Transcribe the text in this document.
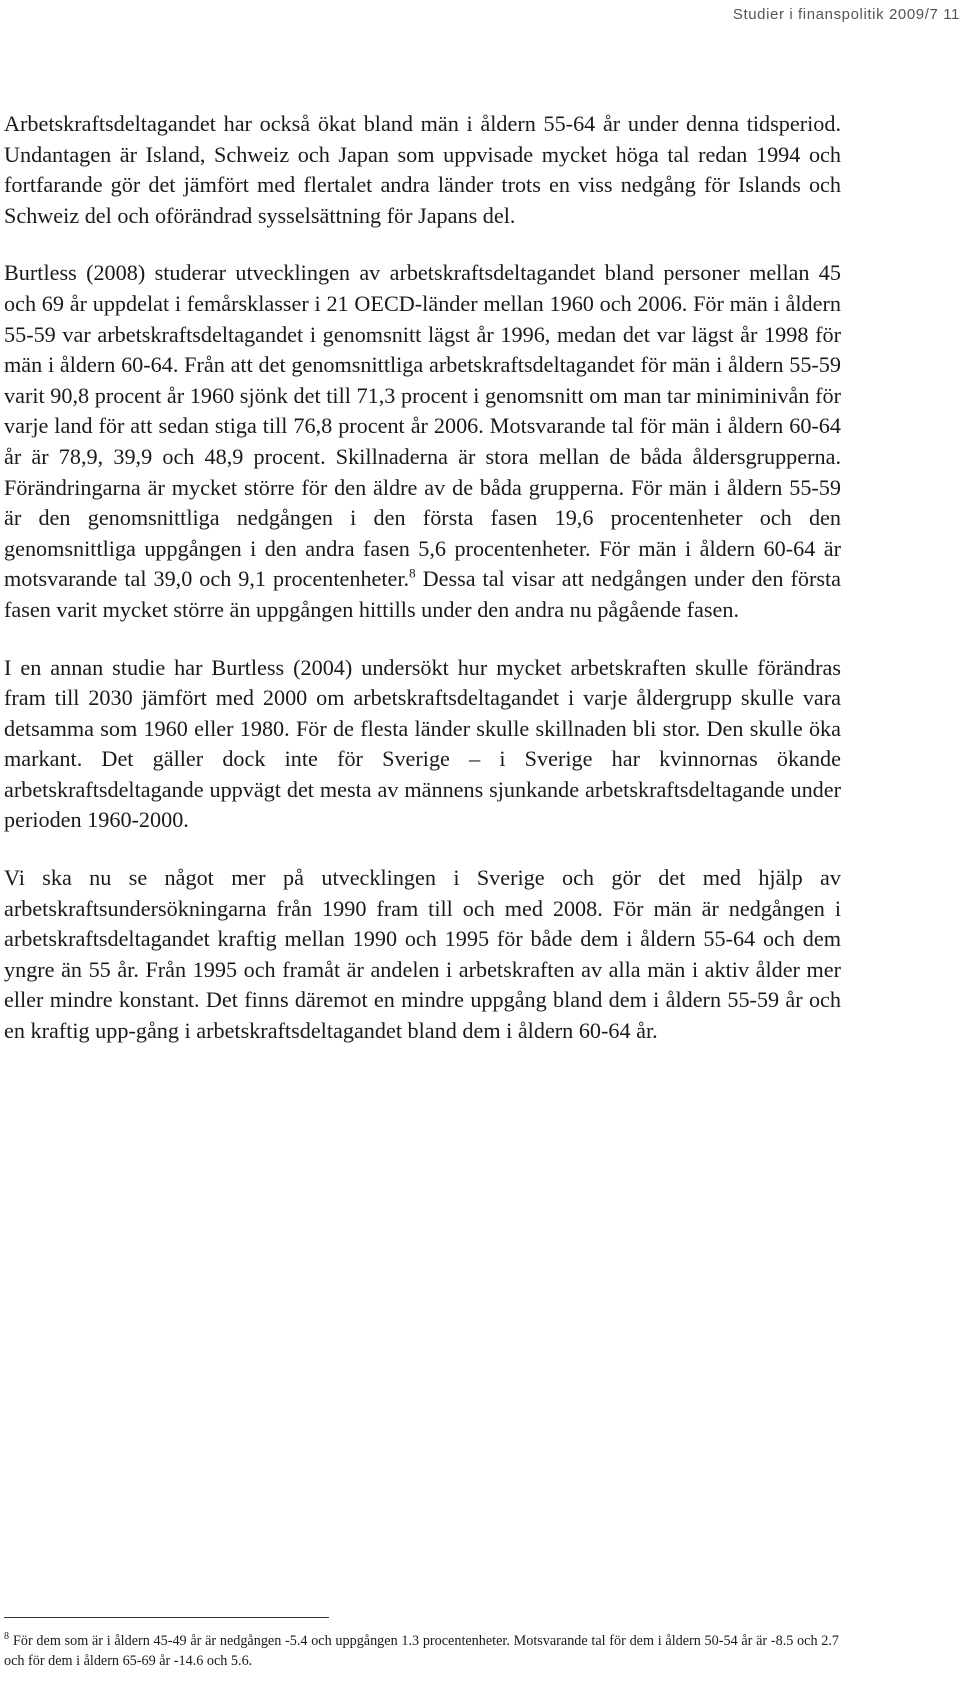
Studier i finanspolitik 2009/7 11

Arbetskraftsdeltagandet har också ökat bland män i åldern 55-64 år under denna tidsperiod. Undantagen är Island, Schweiz och Japan som uppvisade mycket höga tal redan 1994 och fortfarande gör det jämfört med flertalet andra länder trots en viss nedgång för Islands och Schweiz del och oförändrad sysselsättning för Japans del.

Burtless (2008) studerar utvecklingen av arbetskraftsdeltagandet bland personer mellan 45 och 69 år uppdelat i femårsklasser i 21 OECD-länder mellan 1960 och 2006. För män i åldern 55-59 var arbetskraftsdeltagandet i genomsnitt lägst år 1996, medan det var lägst år 1998 för män i åldern 60-64. Från att det genomsnittliga arbetskraftsdeltagandet för män i åldern 55-59 varit 90,8 procent år 1960 sjönk det till 71,3 procent i genomsnitt om man tar miniminivån för varje land för att sedan stiga till 76,8 procent år 2006. Motsvarande tal för män i åldern 60-64 år är 78,9, 39,9 och 48,9 procent. Skillnaderna är stora mellan de båda åldersgrupperna. Förändringarna är mycket större för den äldre av de båda grupperna. För män i åldern 55-59 är den genomsnittliga nedgången i den första fasen 19,6 procentenheter och den genomsnittliga uppgången i den andra fasen 5,6 procentenheter. För män i åldern 60-64 är motsvarande tal 39,0 och 9,1 procentenheter.$^8$ Dessa tal visar att nedgången under den första fasen varit mycket större än uppgången hittills under den andra nu pågående fasen.

I en annan studie har Burtless (2004) undersökt hur mycket arbetskraften skulle förändras fram till 2030 jämfört med 2000 om arbetskraftsdeltagandet i varje åldergrupp skulle vara detsamma som 1960 eller 1980. För de flesta länder skulle skillnaden bli stor. Den skulle öka markant. Det gäller dock inte för Sverige – i Sverige har kvinnornas ökande arbetskraftsdeltagande uppvägt det mesta av männens sjunkande arbetskraftsdeltagande under perioden 1960-2000.

Vi ska nu se något mer på utvecklingen i Sverige och gör det med hjälp av arbetskraftsundersökningarna från 1990 fram till och med 2008. För män är nedgången i arbetskraftsdeltagandet kraftig mellan 1990 och 1995 för både dem i åldern 55-64 och dem yngre än 55 år. Från 1995 och framåt är andelen i arbetskraften av alla män i aktiv ålder mer eller mindre konstant. Det finns däremot en mindre uppgång bland dem i åldern 55-59 år och en kraftig upp-gång i arbetskraftsdeltagandet bland dem i åldern 60-64 år.

$^8$ För dem som är i åldern 45-49 år är nedgången -5.4 och uppgången 1.3 procentenheter. Motsvarande tal för dem i åldern 50-54 år är -8.5 och 2.7 och för dem i åldern 65-69 år -14.6 och 5.6.
